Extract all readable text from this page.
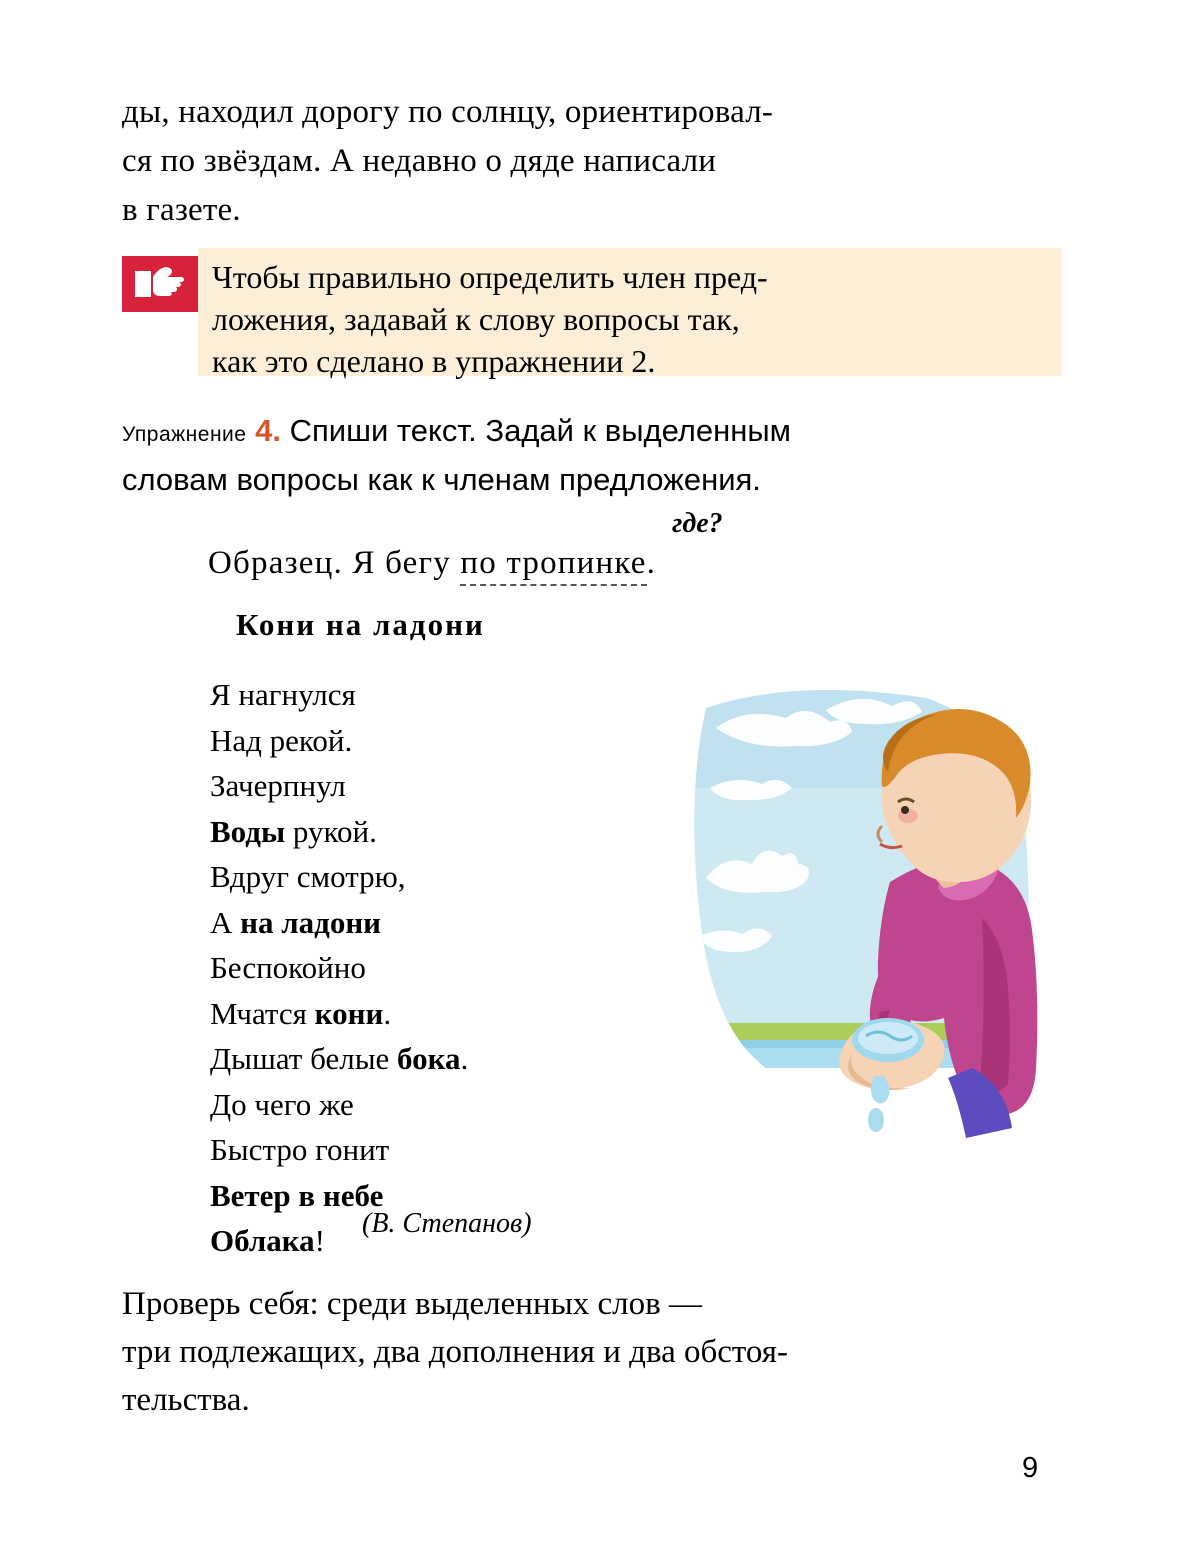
ды, находил дорогу по солнцу, ориентировал-
ся по звёздам. А недавно о дяде написали
в газете.
Чтобы правильно определить член пред-
ложения, задавай к слову вопросы так,
как это сделано в упражнении 2.
Упражнение 4. Спиши текст. Задай к выделенным
словам вопросы как к членам предложения.
где?
Образец. Я бегу по тропинке.
Кони на ладони
Я нагнулся
Над рекой.
Зачерпнул
Воды рукой.
Вдруг смотрю,
А на ладони
Беспокойно
Мчатся кони.
Дышат белые бока.
До чего же
Быстро гонит
Ветер в небе
Облака!	(В. Степанов)
Проверь себя: среди выделенных слов —
три подлежащих, два дополнения и два обстоя-
тельства.
9
